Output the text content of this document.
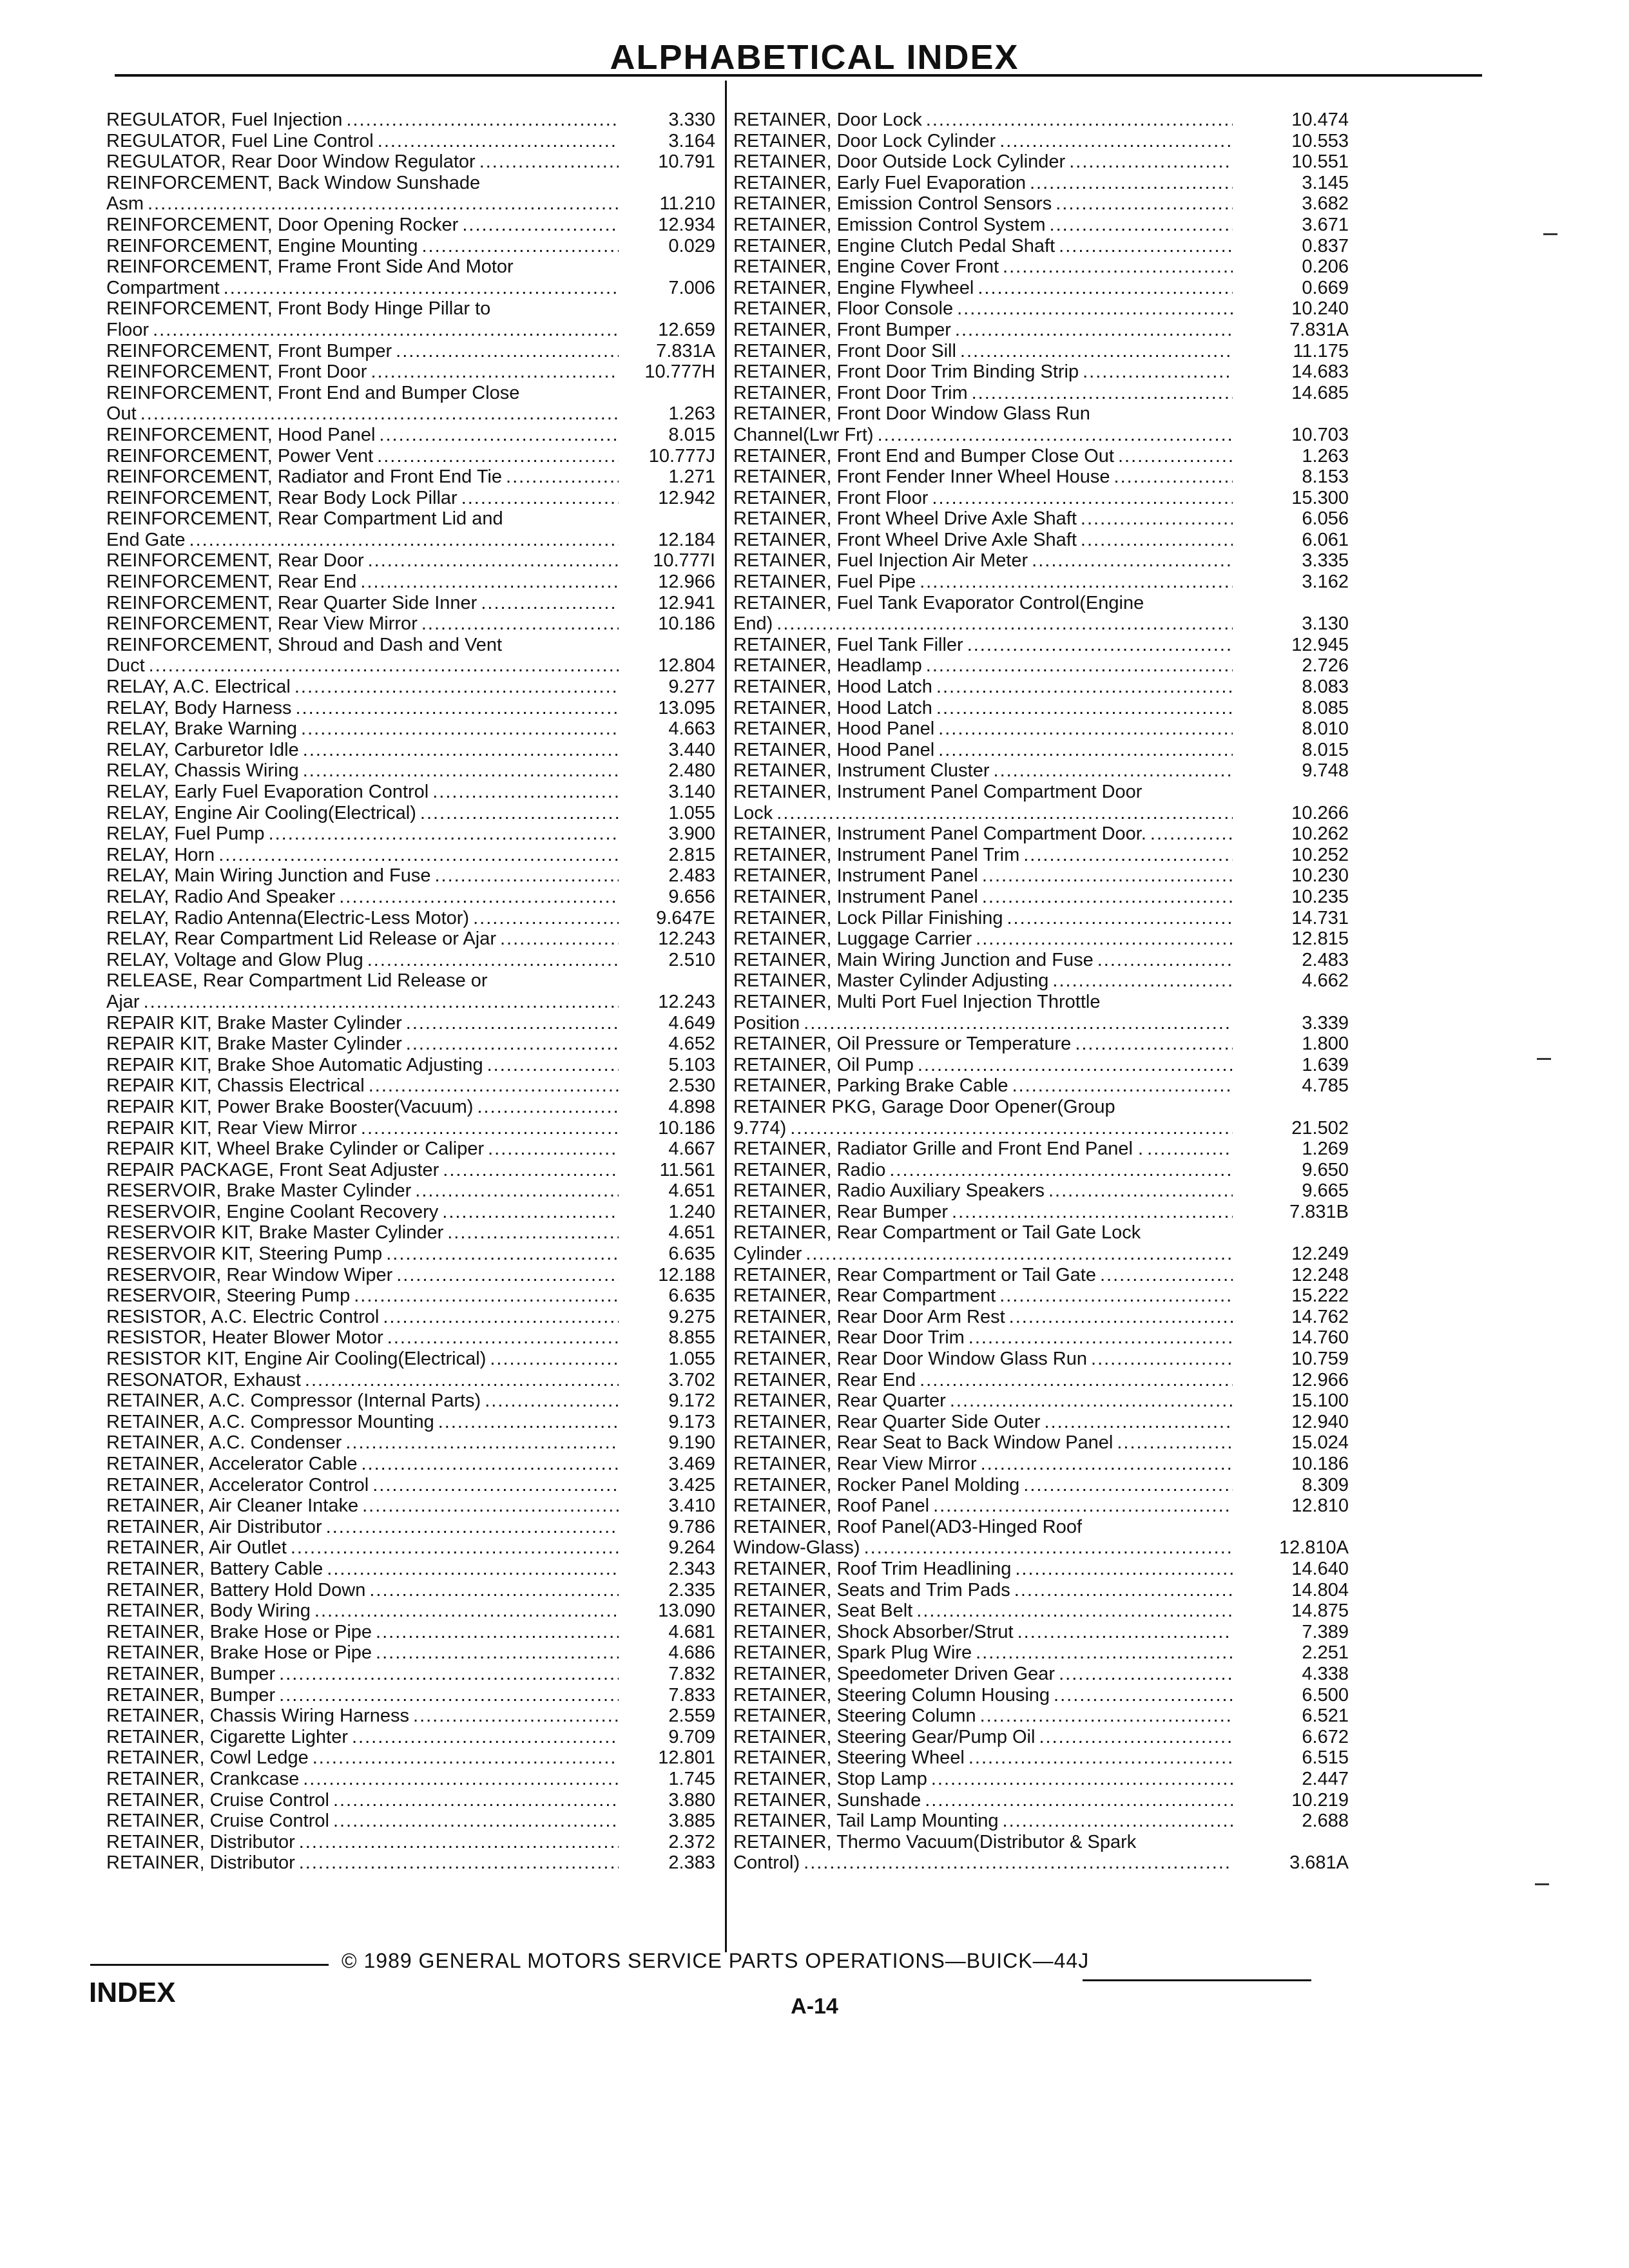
ALPHABETICAL INDEX
REGULATOR, Fuel Injection .....	3.330
REGULATOR, Fuel Line Control .....	3.164
REGULATOR, Rear Door Window Regulator .....	10.791
REINFORCEMENT, Back Window Sunshade
Asm .....	11.210
REINFORCEMENT, Door Opening Rocker .....	12.934
REINFORCEMENT, Engine Mounting .....	0.029
REINFORCEMENT, Frame Front Side And Motor
Compartment .....	7.006
REINFORCEMENT, Front Body Hinge Pillar to
Floor .....	12.659
REINFORCEMENT, Front Bumper .....	7.831A
REINFORCEMENT, Front Door .....	10.777H
REINFORCEMENT, Front End and Bumper Close
Out .....	1.263
REINFORCEMENT, Hood Panel .....	8.015
REINFORCEMENT, Power Vent .....	10.777J
REINFORCEMENT, Radiator and Front End Tie .....	1.271
REINFORCEMENT, Rear Body Lock Pillar .....	12.942
REINFORCEMENT, Rear Compartment Lid and
End Gate .....	12.184
REINFORCEMENT, Rear Door .....	10.777I
REINFORCEMENT, Rear End .....	12.966
REINFORCEMENT, Rear Quarter Side Inner .....	12.941
REINFORCEMENT, Rear View Mirror .....	10.186
REINFORCEMENT, Shroud and Dash and Vent
Duct .....	12.804
RELAY, A.C. Electrical .....	9.277
RELAY, Body Harness .....	13.095
RELAY, Brake Warning .....	4.663
RELAY, Carburetor Idle .....	3.440
RELAY, Chassis Wiring .....	2.480
RELAY, Early Fuel Evaporation Control .....	3.140
RELAY, Engine Air Cooling(Electrical) .....	1.055
RELAY, Fuel Pump .....	3.900
RELAY, Horn .....	2.815
RELAY, Main Wiring Junction and Fuse .....	2.483
RELAY, Radio And Speaker .....	9.656
RELAY, Radio Antenna(Electric-Less Motor) .....	9.647E
RELAY, Rear Compartment Lid Release or Ajar .....	12.243
RELAY, Voltage and Glow Plug .....	2.510
RELEASE, Rear Compartment Lid Release or
Ajar .....	12.243
REPAIR KIT, Brake Master Cylinder .....	4.649
REPAIR KIT, Brake Master Cylinder .....	4.652
REPAIR KIT, Brake Shoe Automatic Adjusting .....	5.103
REPAIR KIT, Chassis Electrical .....	2.530
REPAIR KIT, Power Brake Booster(Vacuum) .....	4.898
REPAIR KIT, Rear View Mirror .....	10.186
REPAIR KIT, Wheel Brake Cylinder or Caliper .....	4.667
REPAIR PACKAGE, Front Seat Adjuster .....	11.561
RESERVOIR, Brake Master Cylinder .....	4.651
RESERVOIR, Engine Coolant Recovery .....	1.240
RESERVOIR KIT, Brake Master Cylinder .....	4.651
RESERVOIR KIT, Steering Pump .....	6.635
RESERVOIR, Rear Window Wiper .....	12.188
RESERVOIR, Steering Pump .....	6.635
RESISTOR, A.C. Electric Control .....	9.275
RESISTOR, Heater Blower Motor .....	8.855
RESISTOR KIT, Engine Air Cooling(Electrical) .....	1.055
RESONATOR, Exhaust .....	3.702
RETAINER, A.C. Compressor (Internal Parts) .....	9.172
RETAINER, A.C. Compressor Mounting .....	9.173
RETAINER, A.C. Condenser .....	9.190
RETAINER, Accelerator Cable .....	3.469
RETAINER, Accelerator Control .....	3.425
RETAINER, Air Cleaner Intake .....	3.410
RETAINER, Air Distributor .....	9.786
RETAINER, Air Outlet .....	9.264
RETAINER, Battery Cable .....	2.343
RETAINER, Battery Hold Down .....	2.335
RETAINER, Body Wiring .....	13.090
RETAINER, Brake Hose or Pipe .....	4.681
RETAINER, Brake Hose or Pipe .....	4.686
RETAINER, Bumper .....	7.832
RETAINER, Bumper .....	7.833
RETAINER, Chassis Wiring Harness .....	2.559
RETAINER, Cigarette Lighter .....	9.709
RETAINER, Cowl Ledge .....	12.801
RETAINER, Crankcase .....	1.745
RETAINER, Cruise Control .....	3.880
RETAINER, Cruise Control .....	3.885
RETAINER, Distributor .....	2.372
RETAINER, Distributor .....	2.383
RETAINER, Door Lock .....	10.474
RETAINER, Door Lock Cylinder .....	10.553
RETAINER, Door Outside Lock Cylinder .....	10.551
RETAINER, Early Fuel Evaporation .....	3.145
RETAINER, Emission Control Sensors .....	3.682
RETAINER, Emission Control System .....	3.671
RETAINER, Engine Clutch Pedal Shaft .....	0.837
RETAINER, Engine Cover Front .....	0.206
RETAINER, Engine Flywheel .....	0.669
RETAINER, Floor Console .....	10.240
RETAINER, Front Bumper .....	7.831A
RETAINER, Front Door Sill .....	11.175
RETAINER, Front Door Trim Binding Strip .....	14.683
RETAINER, Front Door Trim .....	14.685
RETAINER, Front Door Window Glass Run
Channel(Lwr Frt) .....	10.703
RETAINER, Front End and Bumper Close Out .....	1.263
RETAINER, Front Fender Inner Wheel House .....	8.153
RETAINER, Front Floor .....	15.300
RETAINER, Front Wheel Drive Axle Shaft .....	6.056
RETAINER, Front Wheel Drive Axle Shaft .....	6.061
RETAINER, Fuel Injection Air Meter .....	3.335
RETAINER, Fuel Pipe .....	3.162
RETAINER, Fuel Tank Evaporator Control(Engine
End) .....	3.130
RETAINER, Fuel Tank Filler .....	12.945
RETAINER, Headlamp .....	2.726
RETAINER, Hood Latch .....	8.083
RETAINER, Hood Latch .....	8.085
RETAINER, Hood Panel .....	8.010
RETAINER, Hood Panel .....	8.015
RETAINER, Instrument Cluster .....	9.748
RETAINER, Instrument Panel Compartment Door
Lock .....	10.266
RETAINER, Instrument Panel Compartment Door. .....	10.262
RETAINER, Instrument Panel Trim .....	10.252
RETAINER, Instrument Panel .....	10.230
RETAINER, Instrument Panel .....	10.235
RETAINER, Lock Pillar Finishing .....	14.731
RETAINER, Luggage Carrier .....	12.815
RETAINER, Main Wiring Junction and Fuse .....	2.483
RETAINER, Master Cylinder Adjusting .....	4.662
RETAINER, Multi Port Fuel Injection Throttle
Position .....	3.339
RETAINER, Oil Pressure or Temperature .....	1.800
RETAINER, Oil Pump .....	1.639
RETAINER, Parking Brake Cable .....	4.785
RETAINER PKG, Garage Door Opener(Group
9.774) .....	21.502
RETAINER, Radiator Grille and Front End Panel . .....	1.269
RETAINER, Radio .....	9.650
RETAINER, Radio Auxiliary Speakers .....	9.665
RETAINER, Rear Bumper .....	7.831B
RETAINER, Rear Compartment or Tail Gate Lock
Cylinder .....	12.249
RETAINER, Rear Compartment or Tail Gate .....	12.248
RETAINER, Rear Compartment .....	15.222
RETAINER, Rear Door Arm Rest .....	14.762
RETAINER, Rear Door Trim .....	14.760
RETAINER, Rear Door Window Glass Run .....	10.759
RETAINER, Rear End .....	12.966
RETAINER, Rear Quarter .....	15.100
RETAINER, Rear Quarter Side Outer .....	12.940
RETAINER, Rear Seat to Back Window Panel .....	15.024
RETAINER, Rear View Mirror .....	10.186
RETAINER, Rocker Panel Molding .....	8.309
RETAINER, Roof Panel .....	12.810
RETAINER, Roof Panel(AD3-Hinged Roof
Window-Glass) .....	12.810A
RETAINER, Roof Trim Headlining .....	14.640
RETAINER, Seats and Trim Pads .....	14.804
RETAINER, Seat Belt .....	14.875
RETAINER, Shock Absorber/Strut .....	7.389
RETAINER, Spark Plug Wire .....	2.251
RETAINER, Speedometer Driven Gear .....	4.338
RETAINER, Steering Column Housing .....	6.500
RETAINER, Steering Column .....	6.521
RETAINER, Steering Gear/Pump Oil .....	6.672
RETAINER, Steering Wheel .....	6.515
RETAINER, Stop Lamp .....	2.447
RETAINER, Sunshade .....	10.219
RETAINER, Tail Lamp Mounting .....	2.688
RETAINER, Thermo Vacuum(Distributor & Spark
Control) .....	3.681A
© 1989 GENERAL MOTORS SERVICE PARTS OPERATIONS—BUICK—44J
INDEX	A-14
